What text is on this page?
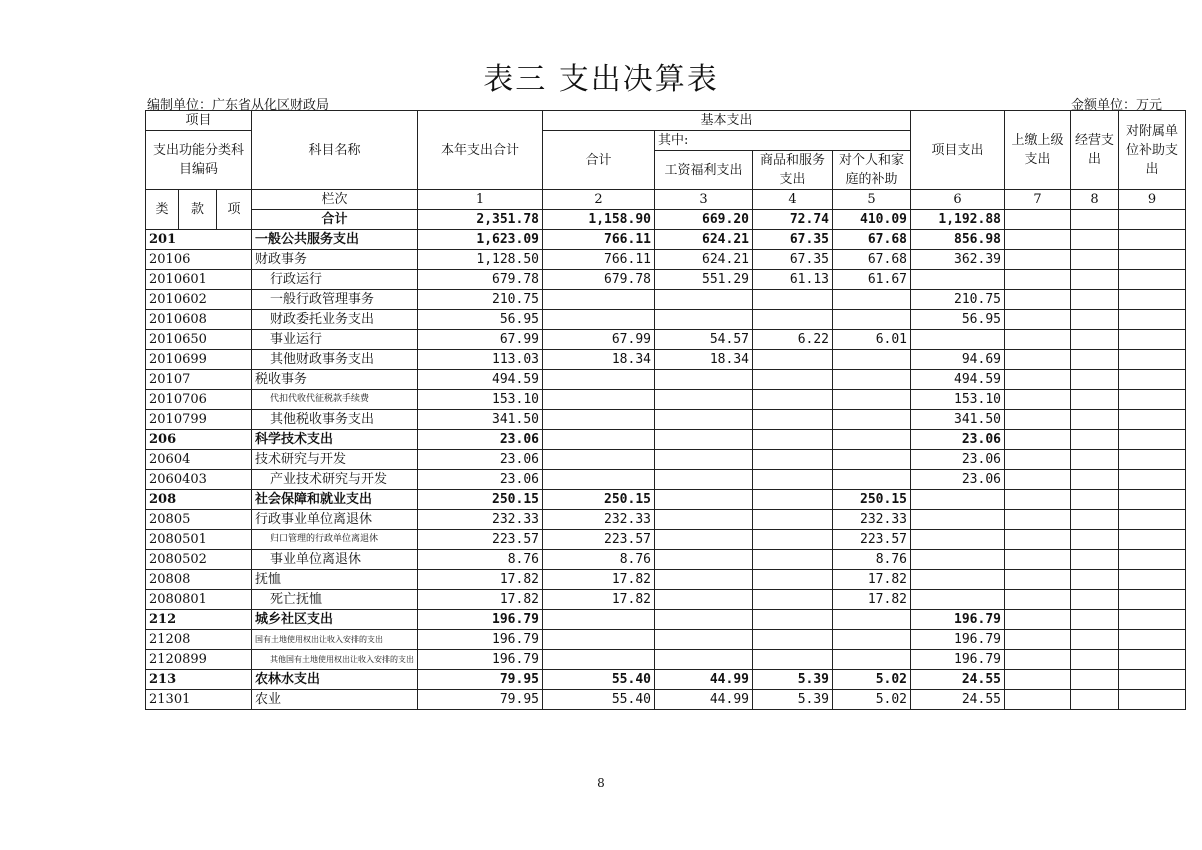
表三 支出决算表
编制单位：广东省从化区财政局	金额单位：万元
项目			科目名称	本年支出合计	基本支出				项目支出	上缴上级支出	经营支出	对附属单位补助支出
支出功能分类科目编码					合计	其中:						
						工资福利支出	商品和服务支出	对个人和家庭的补助				

类	款	项	栏次	1	2	3	4	5	6	7	8	9
			合计	2,351.78	1,158.90	669.20	72.74	410.09	1,192.88			
201			一般公共服务支出	1,623.09	766.11	624.21	67.35	67.68	856.98			
20106			财政事务	1,128.50	766.11	624.21	67.35	67.68	362.39			
2010601			行政运行	679.78	679.78	551.29	61.13	61.67				
2010602			一般行政管理事务	210.75					210.75			
2010608			财政委托业务支出	56.95					56.95			
2010650			事业运行	67.99	67.99	54.57	6.22	6.01				
2010699			其他财政事务支出	113.03	18.34	18.34			94.69			
20107			税收事务	494.59					494.59			
2010706			代扣代收代征税款手续费	153.10					153.10			
2010799			其他税收事务支出	341.50					341.50			
206			科学技术支出	23.06					23.06			
20604			技术研究与开发	23.06					23.06			
2060403			产业技术研究与开发	23.06					23.06			
208			社会保障和就业支出	250.15	250.15			250.15				
20805			行政事业单位离退休	232.33	232.33			232.33				
2080501			归口管理的行政单位离退休	223.57	223.57			223.57				
2080502			事业单位离退休	8.76	8.76			8.76				
20808			抚恤	17.82	17.82			17.82				
2080801			死亡抚恤	17.82	17.82			17.82				
212			城乡社区支出	196.79					196.79			
21208			国有土地使用权出让收入安排的支出	196.79					196.79			
2120899			其他国有土地使用权出让收入安排的支出	196.79					196.79			
213			农林水支出	79.95	55.40	44.99	5.39	5.02	24.55			
21301			农业	79.95	55.40	44.99	5.39	5.02	24.55			
8
